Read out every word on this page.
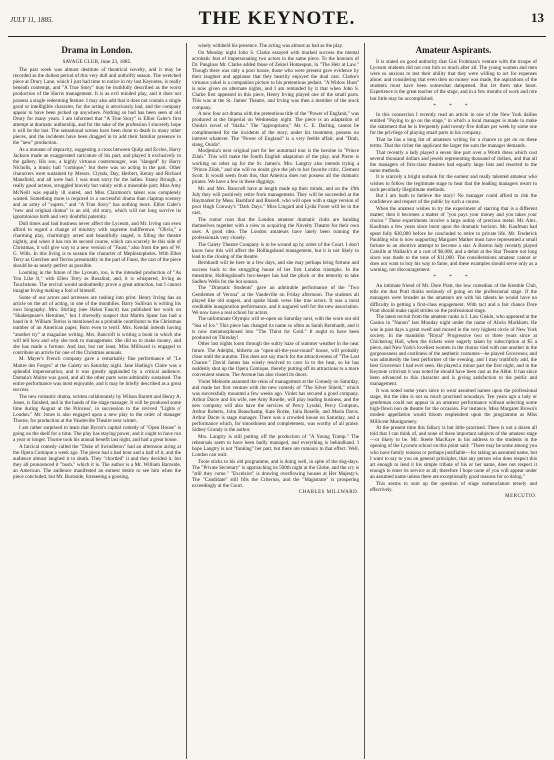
JULY 11, 1885.	THE KEYNOTE.	13
Drama in London.
SAVAGE CLUB, June 23, 1885.

The past week was almost destitute of theatrical novelty, and it may be recorded as the dullest period of this very dull and unthrifty season. The wretched piece at Drury Lane, which I just had time to notice in my last Keynotes, is really beneath contempt, and "A True Story" may be truthfully described as the worst production of the Harris management. It is as evil minded play, and it does not possess a single redeeming feature. I may also add that it does not contain a single good or intelligible character, for the acting is atrociously bad, and the company appear to have been picked up anywhere. Nothing so bad has been seen at old Drury for many years. I am informed that "A True Story" is Elliot Galer's first attempt at dramatic authorship, and for the sake of the profession I sincerely hope it will be the last. The sensational scenes have been done to death in many other pieces, and the incidents have been dragged in to add their familiar presence to the "new" production.

As a monster of depravity, suggesting a cross between Quilp and Eccles, Harry Jackson made an exaggerated caricature of his part, and played it exclusively to the gallery. His son, a highly virtuous costermonger, was "slanged" by Harry Nicholls, a music hall "comique," but there was no acting in the part. Other characters were sustained by Messrs. Clynds, Day, Herbert, Kenny and Richard Mansfield, and all were bad. I was most sorry for the ladies. Fanny Brough, a really good actress, struggled bravely but vainly with a miserable part; Miss Amy McNeill was equally ill suited, and Miss Clairmont's talent was completely wasted. Something more is required in a successful drama than claptrap scenery and an army of "supers," and "A True Story" has nothing more. Elliot Galer's "new and original drama" is an old, old story, which will not long survive its ignominious birth and very doubtful paternity.

Dull times and bad business never affect the Lyceum, and Mr. Irving can even afford to regard a change of ministry with supreme indifference. "Olivia," a charming play, charmingly acted and beautifully staged, is filling the theatre nightly, and when it has run its second course, which can scarcely be this side of Christmas, it will give way to a new version of "Faust," also from the pen of W. G. Wills. In this living is to sustain the character of Mephistopheles. With Ellen Terry as Gretchen and Terriss presumably in the part of Faust, the cast of the piece should be as nearly perfect as possible.

Looming in the future of the Lyceum, too, is the intended production of "As You Like It," with Ellen Terry as Rosalind, and, it is whispered, Irving as Touchstone. The revival would undoubtedly prove a great attraction, but I cannot imagine Irving making a fool of himself.

Some of our actors and actresses are rushing into print. Henry Irving has an article on the art of acting, in one of the monthlies. Barry Sullivan is writing his own biography. Mrs. Stirling (nee Helen Faucit) has published her work on "Shakespeare's Heroines," but I shrewdly suspect that Martin Spear has had a hand in it. William Terriss is mentioned as a probable contributor to the Christmas number of an American paper, Born even to terrif. Mrs. Kendal intends having "another try" at magazine writing. Mrs. Bancroft is writing a book in which she will tell how and why she took to management. She did so to make money, and she has made a fortune. And last, but not least, Miss Millward is engaged to contribute an article for one of the Christmas annuals.

M. Mayer's French company gave a remarkably fine performance of "Le Maitre des Forges" at the Gaiety on Saturday night. Jane Hading's Claire was a splendid impersonation, and it was greatly applauded by a critical audience. Damala's Maitre was good, and all the other parts were admirably sustained. The entire performance was most enjoyable, and it may be briefly described as a great success.

The new romantic drama, written collaborately by Wilson Barrett and Henry A. Jones, is finished, and in the hands of the stage manager. It will be produced some time during August at the Princess', in succession to the revived "Lights o' London." Mr. Jones is also engaged upon a new play to the order of manager Thorne, for production at the Vaudeville Theatre next winter.

I am rather surprised to learn that Byron's capital comedy of "Open House" is going on the shelf for a time. The play has staying power, and it ought to have run a year or longer. Thorne took his annual benefit last night, and had a great house.

A farcical comedy called the "Duke of Swindleton" had an afternoon airing at the Opera Comique a week ago. The piece had a bad hour and a half of it, and the audience almost laughed it to death. They "chortled" it and they decided it, but they all pronounced it "bosh," which it is. The author is a Mr. William Barnside, an American. The audience manifested an earnest desire to see him when the piece concluded, but Mr. Burnside, foreseeing a goosing,

wisely withheld his presence. The acting was almost as bad as the play.

On Monday night John S. Clarke essayed with marked success the mental acrobatic feat of impersonating two actors in the same piece. To the honours of Dr. Pangloss Mr. Clarke added those of Zekiel Homespun, in "The Heir at Law." Though there was only a poor house, those who were present gave evidence by their laughter and applause that they heartily enjoyed the dual cast. Clarke's virtuous yokel is a companion picture to his pretentious pedant. "A Widow Hunt" is now given on alternate nights, and I am reminded by it that when John S. Clarke first appeared in this piece, Henry Irving played one of the small parts. This was at the St. James' Theatre, and Irving was then a member of the stock company.

A new four act drama with the pretentious title of the "Power of England," was produced at the Imperial on Wednesday night. The piece is an adaptation of Ouida's novel of "Idalia." The "appropriator," Mr. C. E. Darling, cannot be complimented for the incidents of the story, under his treatment, possess no interest whatever. The "Power of England" is a very feeble affair, and "Drab, slang, Ouida".

Modjeska's next original part for her autumnal tour is the heroine in "Prince Zilah." This will make the fourth English adaptation of the play, and Pierre is working on other up for the St. James's. Mrs. Langtry also intends trying a "Prince Zilah," and she will no doubt give the job to her favorite critic, Clement Scott. It would seem from this, that America does not possess all the dramatic pirates. We have a few in these diggings.

Mr. and Mrs. Bancroft have at length made up their minds, and on the 19th July they will positively retire from management. They will be succeeded at the Haymarket by Mess. Bashford and Russell, who will open with a stage version of poor Hugh Conway's "Dark Days." Miss Lingard and Lydia Foote will be in the cast.

The rumor runs that the London amateur dramatic clubs are banding themselves together with a view to acquiring the Novelty Theatre for their own uses. A good idea. The London amateurs have lately been running the professionals very closely.

The Gaiety Theatre Company is to be wound up by order of the Court. I don't know how this will affect the Hollingshead management, but it is not likely to lead to the closing of the theatre.

Bernhardt will be here in a few days, and she may perhaps bring fortune and success back to the struggling house of her first London triumphs. In the meantime, Hollingshead's box-keeper has had the pluck or the temerity to take Sadlers Wells for the hot season.

The "Dramatic Students" gave an admirable performance of the "Two Gentlemen of Verona" at the Vaudeville on Friday afternoon. The students all played like old stagers, and spoke blank verse like true actors. It was a most creditable inauguration performance, and it augured well for the new association. We now have a real school for actors.

The unfortunate Olympic will re-open on Saturday next, with the worn out old "Sea of Ice." This piece has changed its name so often as Sarah Bernhardt, and it is now metamorphosed into "The Thirst for Gold." It ought to have been produced on Thirsday!

Other last nights loom through the sultry haze of summer weather in the near future. The Adelphi, hitherto an "open-all-the-year-round" house, will probably close until the autumn. This does not say much for the attractiveness of "The Last Chance." David James has wisely resolved to cave in to the heat, so he has suddenly shut up the Opera Comique, thereby putting off its attractions to a more convenient season. The Avenue has also closed its doors.

Violet Melnotte assumed the reins of management at the Comedy on Saturday, and made her first venture with the new comedy of "The Silver Shield," which was successfully mounted a few weeks ago. Violet has secured a good company. Arthur Dacre and his wife, nee Amy Roselle, will play leading business, and the new company will also have the services of Percy Lyndal, Percy Compton, Arthur Roberts, John Beauchamp, Kate Rorke, Julia Roselle, and Maria Davis. Arthur Dacre is stage manager. There was a crowded house on Saturday, and a performance which, for smoothness and completeness, was worthy of all praise. Sidney Grundy is the author.

Mrs. Langtry is still putting off the production of "A Young Tramp." The rehearsals seem to have been badly managed, and everything is behindhand. I hope Langtry is not "funking" her part, but there are rumours to that effect. Well, London can wait.

Toole sticks to his old programme, and is doing well, in spite of the dog-days. The "Private Secretary" is approaching its 500th night at the Globe, and the cry is "still they come." "Excelsior" is drawing overflowing houses at Her Majesty's. The "Candidate" still fills the Criterion, and the "Magistrate" is prospering exceedingly at the Court.

CHARLES MILLWARD.
Amateur Aspirants.

It is stated on good authority that Gus Frohman's venture with the troupe of Lyceum students did not cost him so much after all. The young women and men were so anxious to test their ability that they were willing to act for expenses alone; and considering that even then no money was made, the aspirations of the students must have been somewhat dampened. But let them take heart. Experience is the great teacher of the stage, and in a few months of work and rote but little may be accomplished.

* * *

In this connection I recently read an article in one of the New York dailies entitled "Paying to go on the stage," in which a local manager is made to make the statement that he is frequently paid twenty five dollars per week by some one for the privilege of playing small parts in his company.

That he has a long list of amateurs writing for a chance to get on on these terms. That the richer the applicant the larger the sum the manager demands.

That recently a lady played a seven line part over a Worth dress which cost several thousand dollars and jewels representing thousand of dollars, and that all the managers of first-class theatres had equally large lists and resorted to the same methods.

It is scarcely a bright outlook for the earnest and really talented amateur who wishes to follow the legitimate stage to hear that the leading managers resort to such peculiarly illegitimate methods.

But I am loath to believe the story! No manager could afford to risk the confidence and respect of the public by such a course.

When the amateur wishes to try the experiment of starring that is a different matter; then it becomes a matter of "you pays your money and you takes your choice." These experiments involve a large outlay of precious metal. Mr. Alex. Kaufman a few years since burst upon the dramatic horizon. Mr. Kaufman had spent fully $30,000 before he concluded to retire to private life. Mr. Frederick Paulding who is now supporting Margaret Mather must have represented a small fortune to an abortive attempt to become a star. A Boston lady recently played Camille at Wallack's at a cost of $6,000, and a debut at the Star Theatre not long since was made to the tune of $11,000. The considerations amateur cannot or does not want to buy his way to fame, and these examples should serve only as a warning, not discouragement.

* * *

An intimate friend of Mr. Dore Pratt, the low comedian of the Kemble Club, tells me that Pratt thinks seriously of going on the professional stage. If the managers were broader as the amateurs are with his talents he would have no difficulty in getting a first-class engagement. With tact and a fair chance Dore Pratt should make rapid strides on the professional stage.

The latest recruit from the amateur ranks is I. Law Giskin, who appeared at the Casino in "Nanon" last Monday night under the name of Alwin Markham. He was in past days a great swell and moved in the very highest circle of New York society. In the mandolin "Royal" Progressive two or three years since at Chickering Hall, when the tickets were eagerly taken by subscription at $5 a piece, and New York's loveliest women in the chorus vied with one another in the gorgeousness and costliness of the aesthetic costumes—he played Grosvenor, and was admittedly the best performer of the evening, and I may truthfully add, the best Grosvenor I had ever seen. He played a minor part the first night, and in the Keynote criticism it was noted he should have been cast as the Abbé. It has since been advanced to this character and is giving satisfaction to the public and management.

It was noted some years since to wear assumed names upon the professional stage, but the idea is not so much practised nowadays. Ten years ago a lady or gentleman could not appear in an amateur performance without selecting some high-flown non de theatre for the occasion. For instance, Miss Margaret Brown's modest appellation would bloom resplendent upon the programme as Miss Millicent Montgomery.

At the present time this fallacy is but little practised. There is not a dozen all told that I can think of, and none of these important subjects of the amateur stage—or likely to be. Mr. Steele MacKaye in his address to the students in the opening of the Lyceum school on this point said: "There may be some among you who have family reasons or perhaps justifiable—for taking an assumed name, but I want to say to you on general principles, that any person who does respect this art enough to lend it his simple tribute of his or her name, does not respect it enough to enter its service at all; therefore I hope none of you will appear under an assumed name unless there are exceptionally good reasons for so doing."

This seems to sum up the question of stage nomenclature tersely and effectively.

MERCUTIO.
